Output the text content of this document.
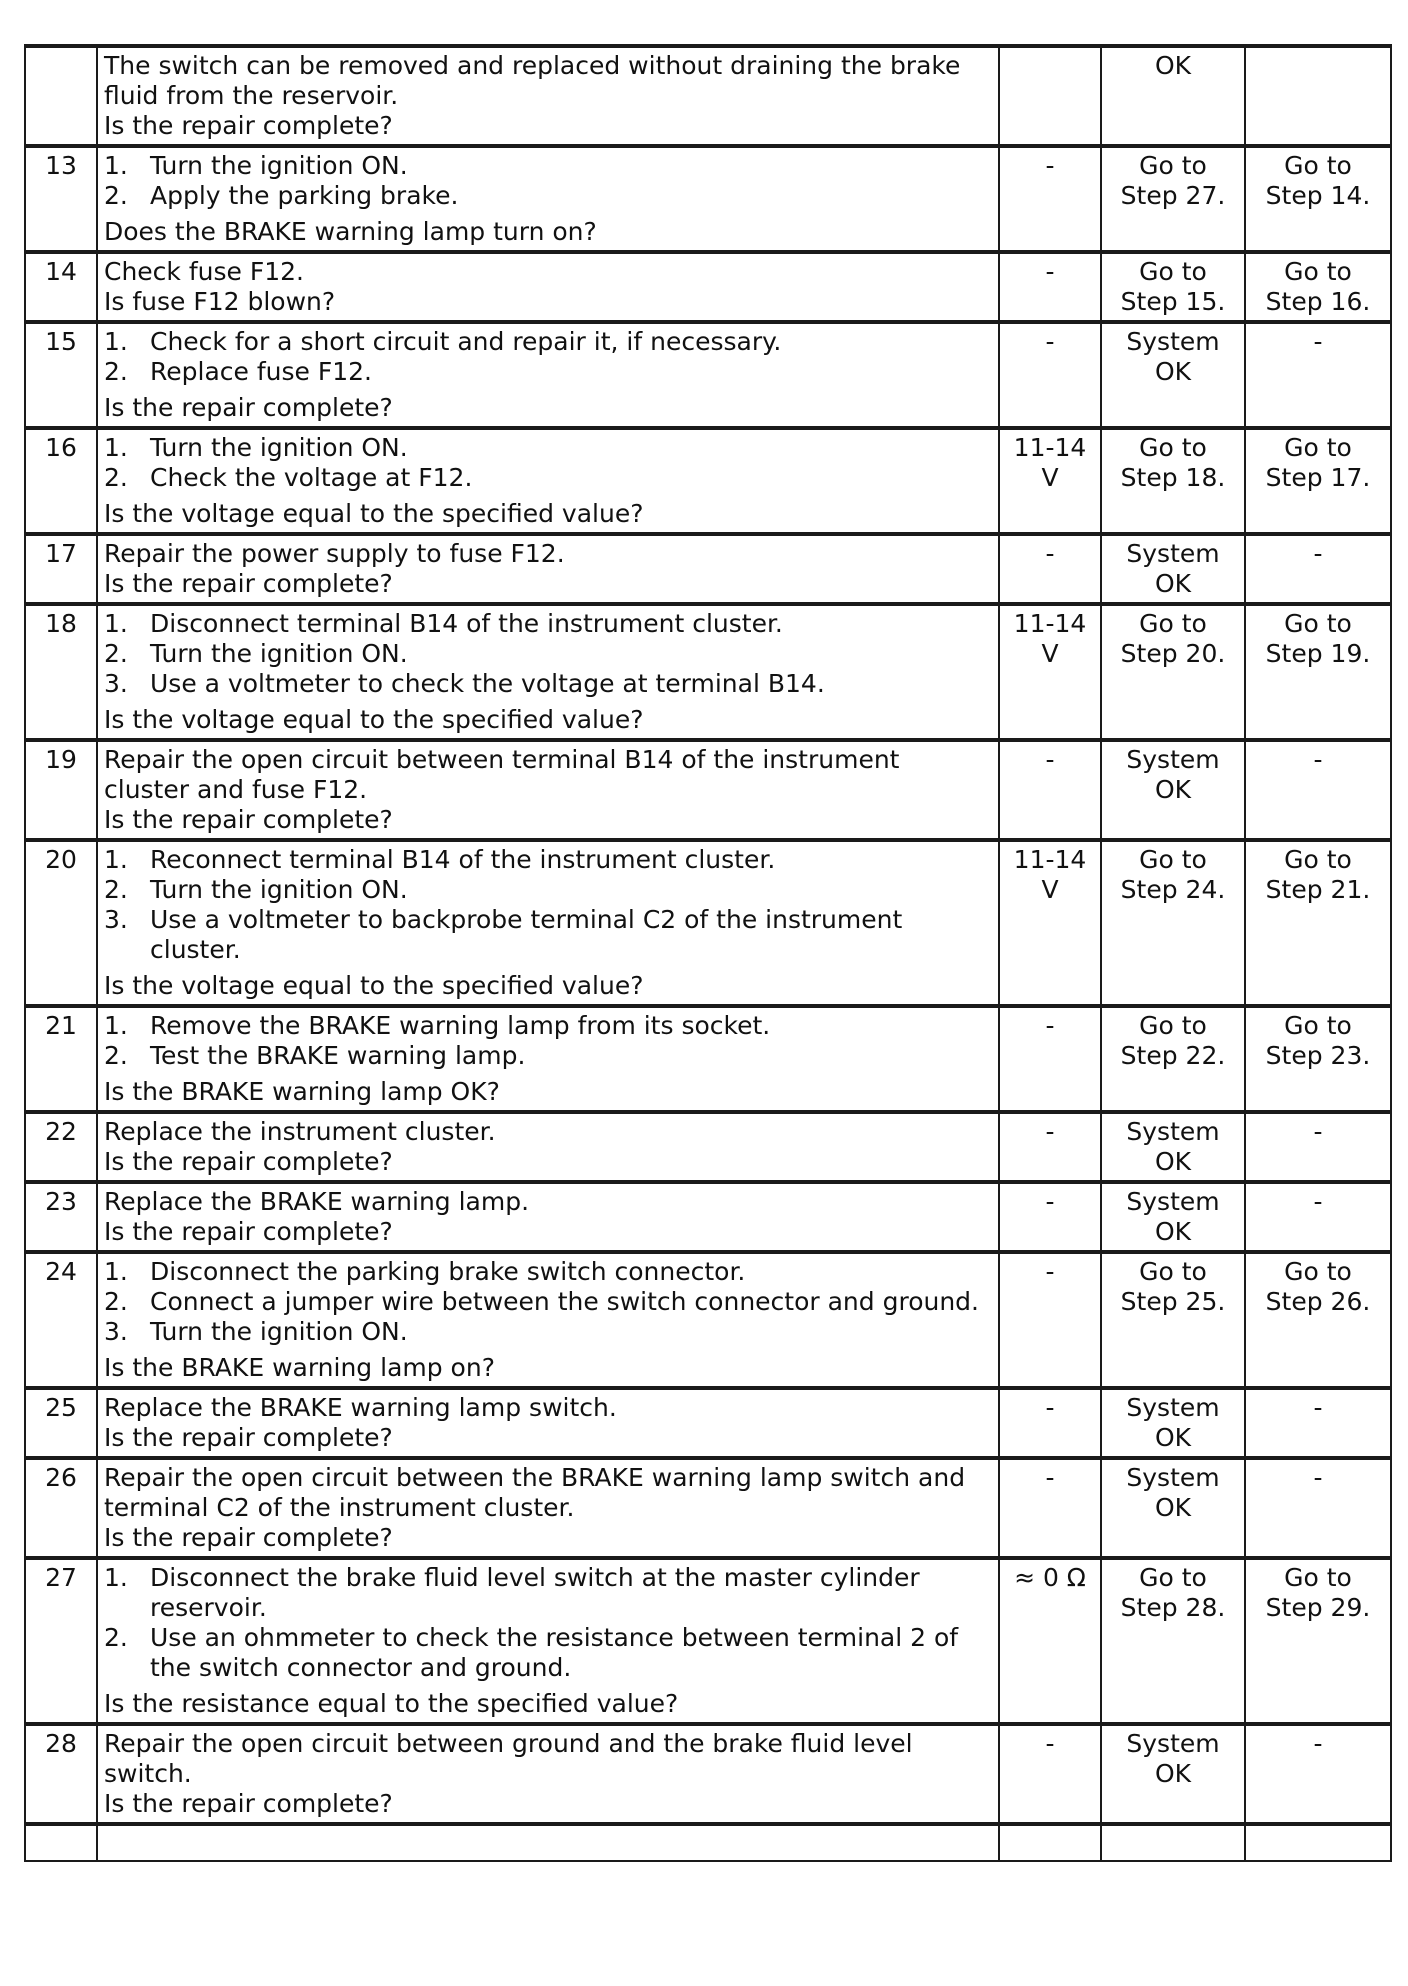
	The switch can be removed and replaced without draining the brake
fluid from the reservoir.
Is the repair complete?		OK	
13	1. Turn the ignition ON.
2. Apply the parking brake.
Does the BRAKE warning lamp turn on?	-	Go to Step 27.	Go to Step 14.
14	Check fuse F12.
Is fuse F12 blown?	-	Go to Step 15.	Go to Step 16.
15	1. Check for a short circuit and repair it, if necessary.
2. Replace fuse F12.
Is the repair complete?	-	System OK	-
16	1. Turn the ignition ON.
2. Check the voltage at F12.
Is the voltage equal to the specified value?	11-14 V	Go to Step 18.	Go to Step 17.
17	Repair the power supply to fuse F12.
Is the repair complete?	-	System OK	-
18	1. Disconnect terminal B14 of the instrument cluster.
2. Turn the ignition ON.
3. Use a voltmeter to check the voltage at terminal B14.
Is the voltage equal to the specified value?	11-14 V	Go to Step 20.	Go to Step 19.
19	Repair the open circuit between terminal B14 of the instrument
cluster and fuse F12.
Is the repair complete?	-	System OK	-
20	1. Reconnect terminal B14 of the instrument cluster.
2. Turn the ignition ON.
3. Use a voltmeter to backprobe terminal C2 of the instrument cluster.
Is the voltage equal to the specified value?	11-14 V	Go to Step 24.	Go to Step 21.
21	1. Remove the BRAKE warning lamp from its socket.
2. Test the BRAKE warning lamp.
Is the BRAKE warning lamp OK?	-	Go to Step 22.	Go to Step 23.
22	Replace the instrument cluster.
Is the repair complete?	-	System OK	-
23	Replace the BRAKE warning lamp.
Is the repair complete?	-	System OK	-
24	1. Disconnect the parking brake switch connector.
2. Connect a jumper wire between the switch connector and ground.
3. Turn the ignition ON.
Is the BRAKE warning lamp on?	-	Go to Step 25.	Go to Step 26.
25	Replace the BRAKE warning lamp switch.
Is the repair complete?	-	System OK	-
26	Repair the open circuit between the BRAKE warning lamp switch and
terminal C2 of the instrument cluster.
Is the repair complete?	-	System OK	-
27	1. Disconnect the brake fluid level switch at the master cylinder reservoir.
2. Use an ohmmeter to check the resistance between terminal 2 of the switch connector and ground.
Is the resistance equal to the specified value?	≈ 0 Ω	Go to Step 28.	Go to Step 29.
28	Repair the open circuit between ground and the brake fluid level
switch.
Is the repair complete?	-	System OK	-
